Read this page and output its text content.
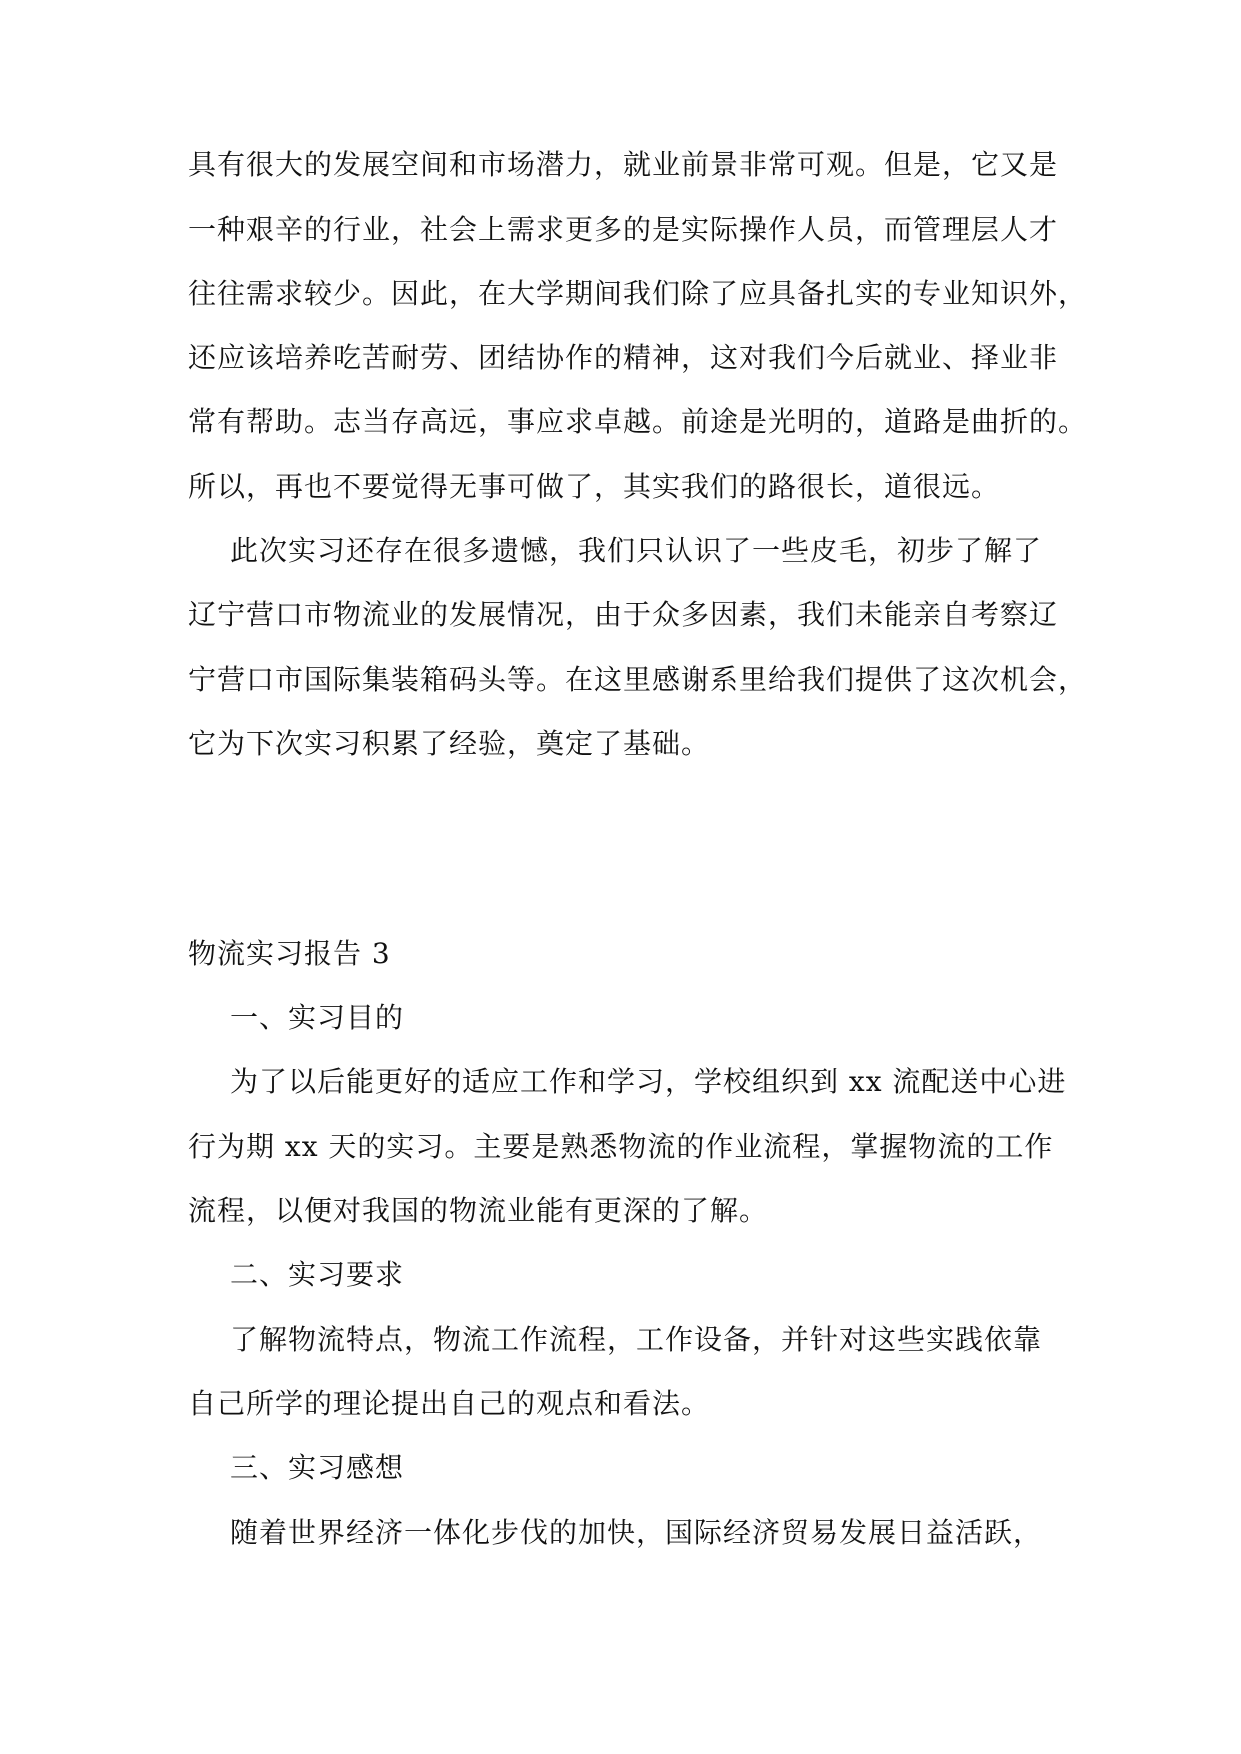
具有很大的发展空间和市场潜力，就业前景非常可观。但是，它又是
一种艰辛的行业，社会上需求更多的是实际操作人员，而管理层人才
往往需求较少。因此，在大学期间我们除了应具备扎实的专业知识外，
还应该培养吃苦耐劳、团结协作的精神，这对我们今后就业、择业非
常有帮助。志当存高远，事应求卓越。前途是光明的，道路是曲折的。
所以，再也不要觉得无事可做了，其实我们的路很长，道很远。
此次实习还存在很多遗憾，我们只认识了一些皮毛，初步了解了
辽宁营口市物流业的发展情况，由于众多因素，我们未能亲自考察辽
宁营口市国际集装箱码头等。在这里感谢系里给我们提供了这次机会，
它为下次实习积累了经验，奠定了基础。
物流实习报告 3
一、实习目的
为了以后能更好的适应工作和学习，学校组织到 xx 流配送中心进
行为期 xx 天的实习。主要是熟悉物流的作业流程，掌握物流的工作
流程，以便对我国的物流业能有更深的了解。
二、实习要求
了解物流特点，物流工作流程，工作设备，并针对这些实践依靠
自己所学的理论提出自己的观点和看法。
三、实习感想
随着世界经济一体化步伐的加快，国际经济贸易发展日益活跃，
